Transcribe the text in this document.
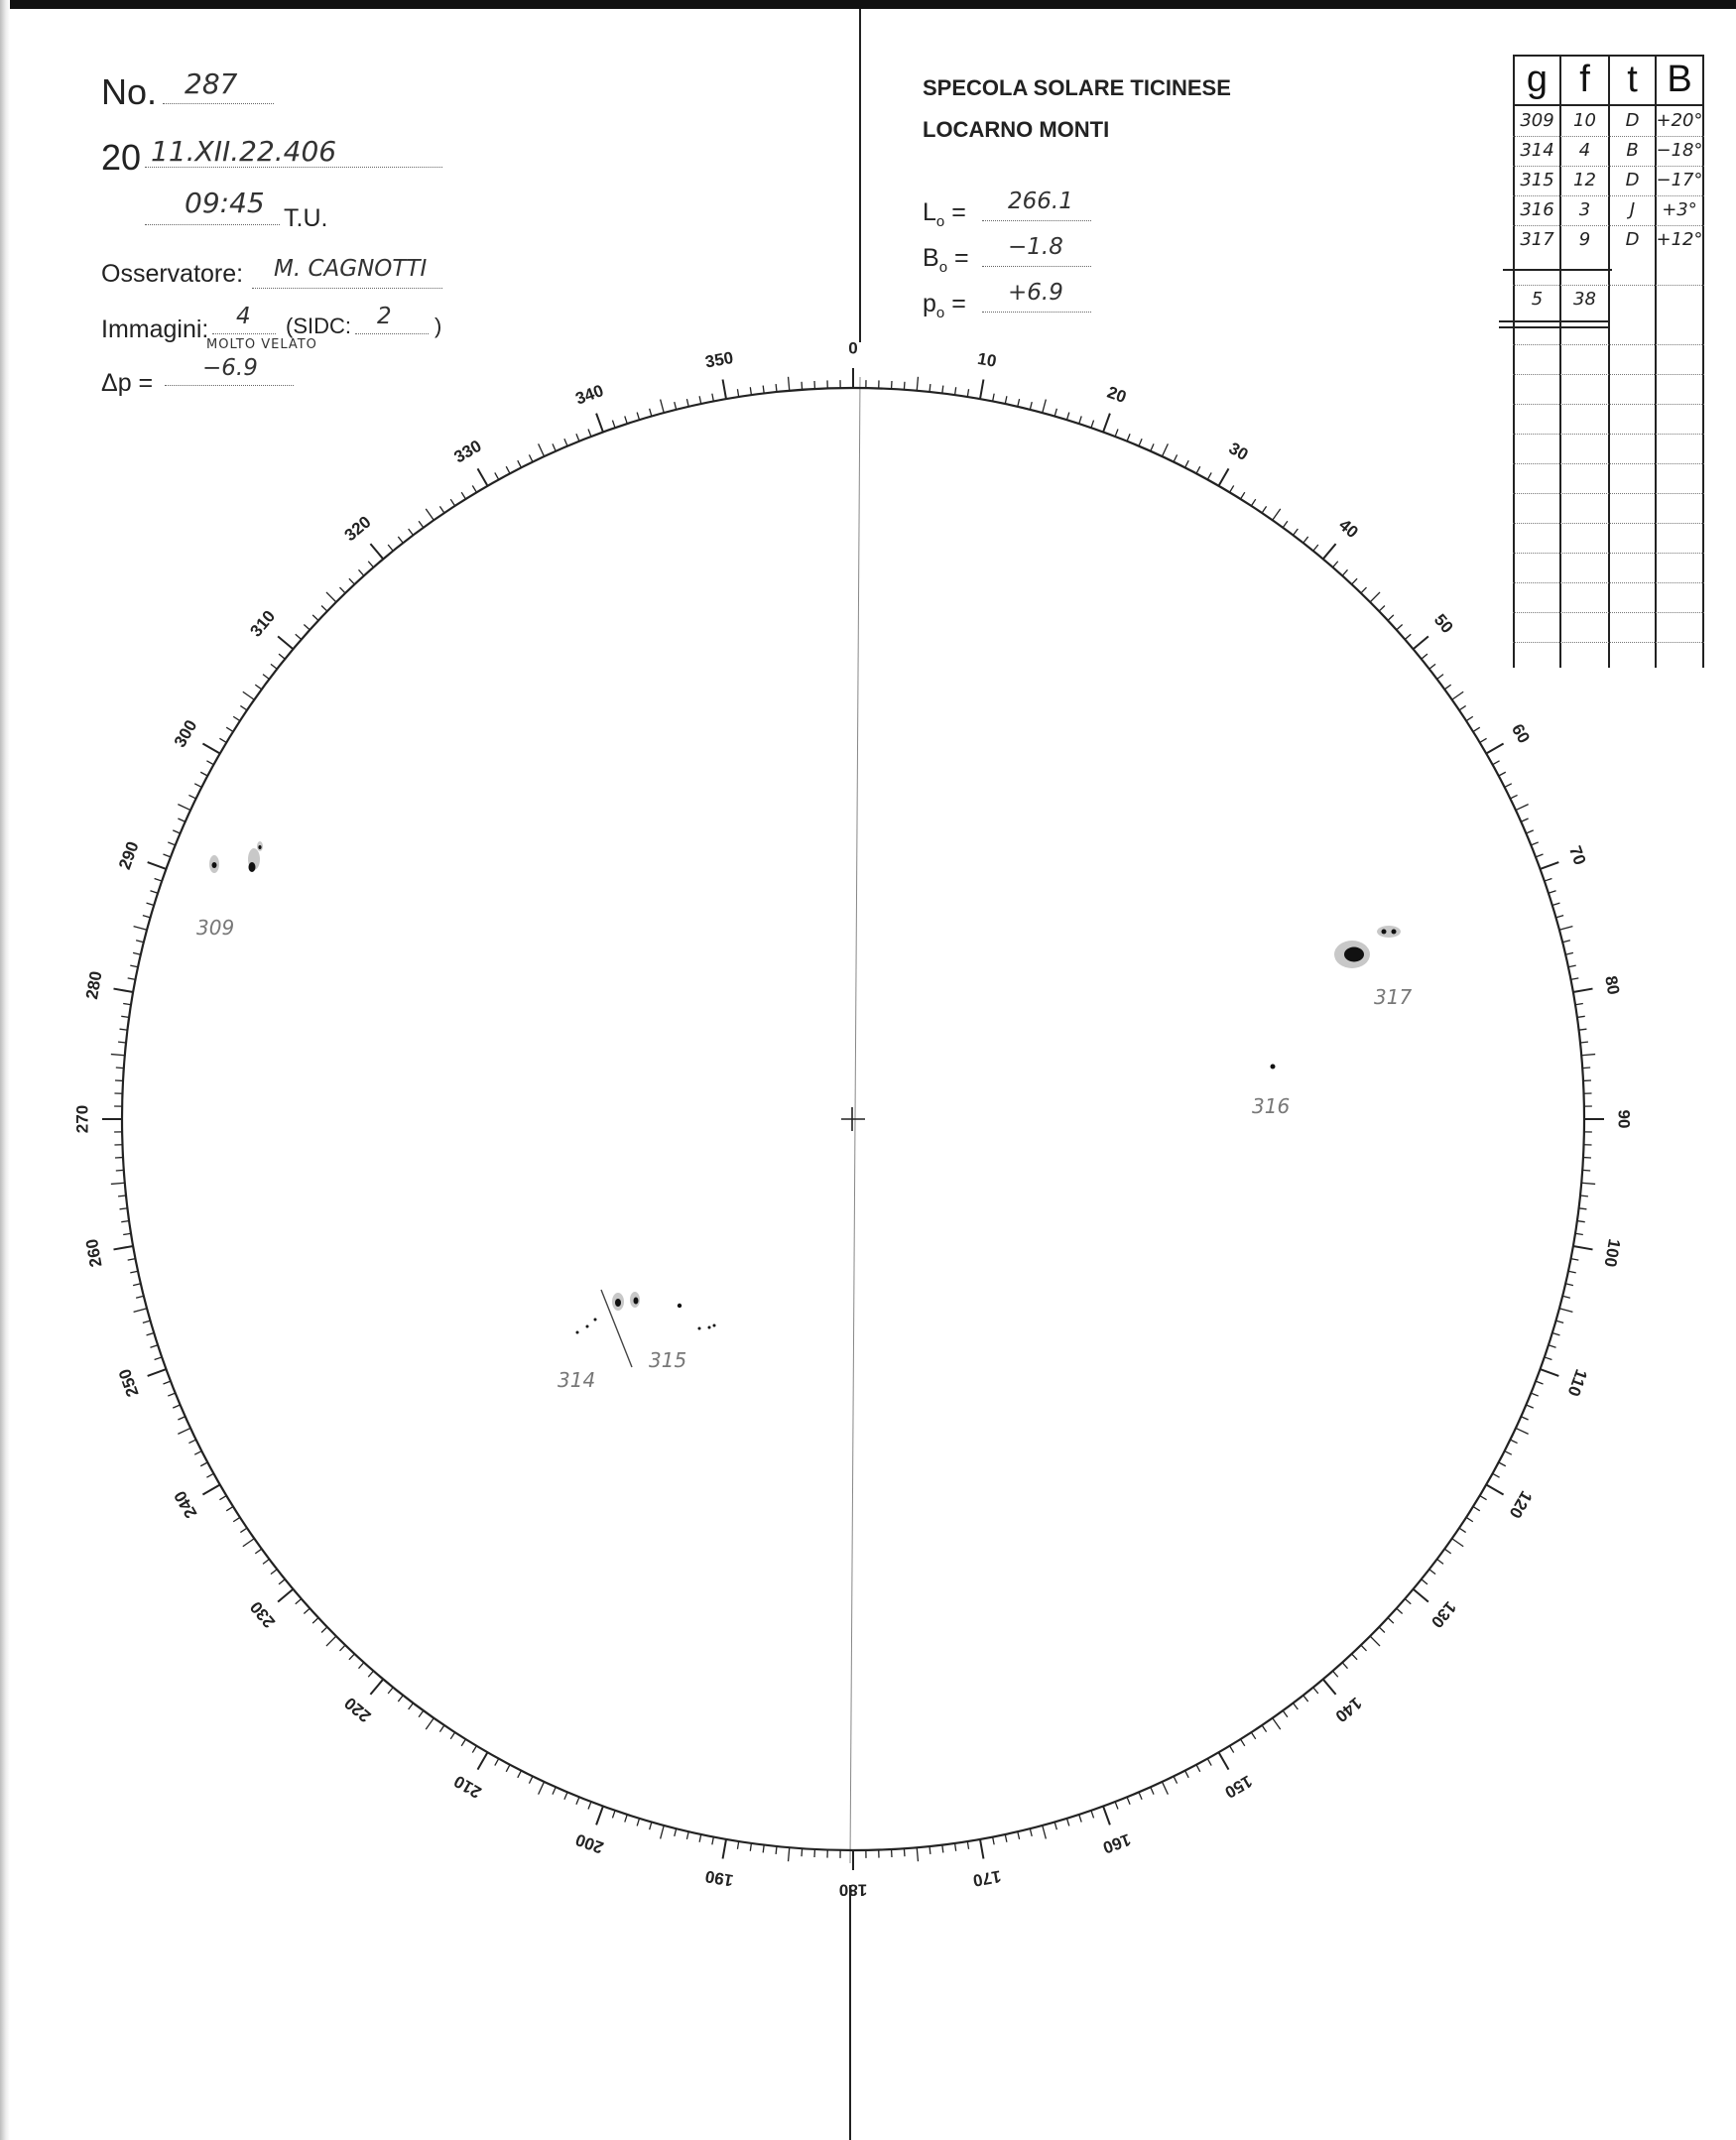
No. 287
20 11.XII.22.406
09:45 T.U.
Osservatore: M. CAGNOTTI
Immagini: 4
MOLTO VELATO
(SIDC: 2 )
Δp =
−6.9
SPECOLA SOLARE TICINESE
LOCARNO MONTI
$L_o = 266.1$
$B_o = -1.8$
$p_o = +6.9$
g f t B
309	10	D +20°
314	4	B −18°
315	12	D −17°
316	3	J	+3°
317	9	D +12°
5	38
0
10
20
30
40
50
60
70
80
90
100
110
120
130
140
150
160
170
180
190
200
210
220
230
240
250
260
270
280
290
300
310
320
330
340
350
309
317
316
314
315
